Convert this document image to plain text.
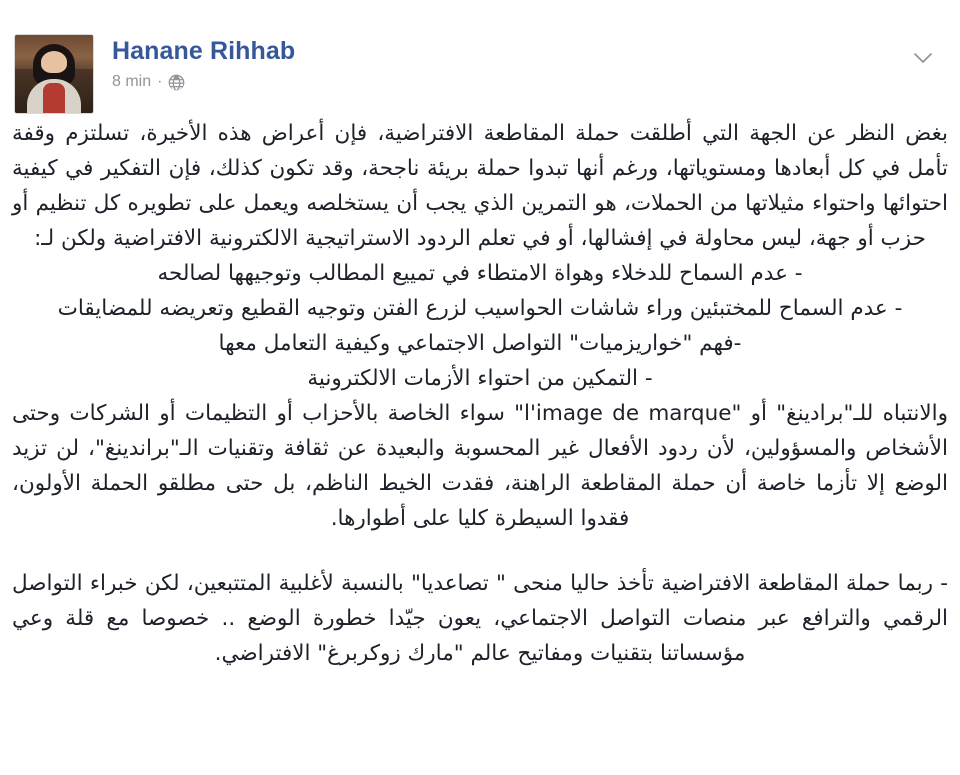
Hanane Rihhab
8 min ·

بغض النظر عن الجهة التي أطلقت حملة المقاطعة الافتراضية، فإن أعراض هذه الأخيرة، تسلتزم وقفة تأمل في كل أبعادها ومستوياتها، ورغم أنها تبدوا حملة بريئة ناجحة، وقد تكون كذلك، فإن التفكير في كيفية احتوائها واحتواء مثيلاتها من الحملات، هو التمرين الذي يجب أن يستخلصه ويعمل على تطويره كل تنظيم أو حزب أو جهة، ليس محاولة في إفشالها، أو في تعلم الردود الاستراتيجية الالكترونية الافتراضية ولكن لـ:

- عدم السماح للدخلاء وهواة الامتطاء في تمييع المطالب وتوجيهها لصالحه

- عدم السماح للمختبئين وراء شاشات الحواسيب لزرع الفتن وتوجيه القطيع وتعريضه للمضايقات

-فهم "خواريزميات" التواصل الاجتماعي وكيفية التعامل معها

- التمكين من احتواء الأزمات الالكترونية

والانتباه للـ"برادينغ" أو "l'image de marque" سواء الخاصة بالأحزاب أو التظيمات أو الشركات وحتى الأشخاص والمسؤولين، لأن ردود الأفعال غير المحسوبة والبعيدة عن ثقافة وتقنيات الـ"براندينغ"، لن تزيد الوضع إلا تأزما خاصة أن حملة المقاطعة الراهنة، فقدت الخيط الناظم، بل حتى مطلقو الحملة الأولون، فقدوا السيطرة كليا على أطوارها.

- ربما حملة المقاطعة الافتراضية تأخذ حاليا منحى " تصاعديا" بالنسبة لأغلبية المتتبعين، لكن خبراء التواصل الرقمي والترافع عبر منصات التواصل الاجتماعي، يعون جيّدا خطورة الوضع .. خصوصا مع قلة وعي مؤسساتنا بتقنيات ومفاتيح عالم "مارك زوكربرغ" الافتراضي.
